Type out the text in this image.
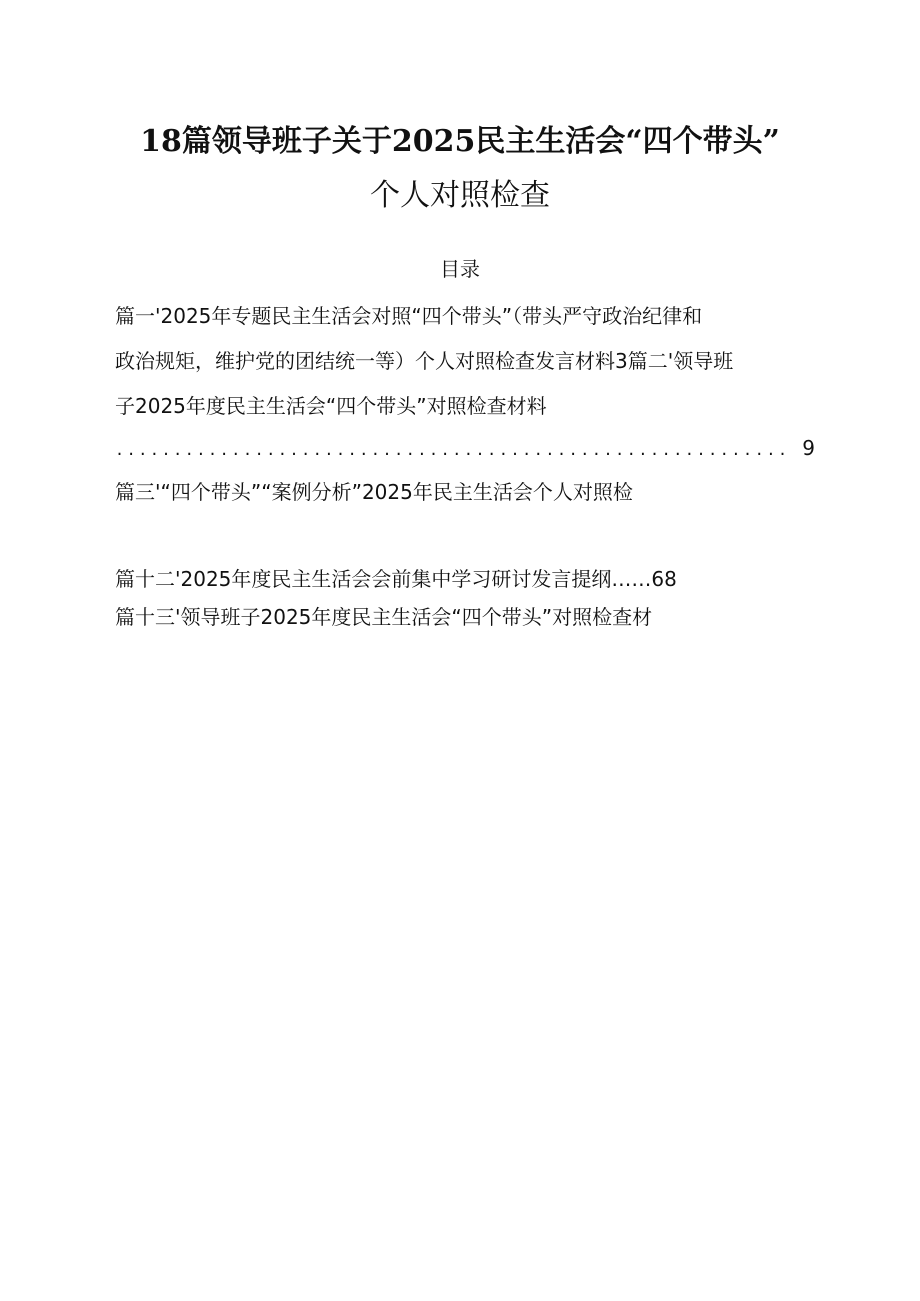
18篇领导班子关于2025民主生活会“四个带头”
个人对照检查
目录
篇一'2025年专题民主生活会对照“四个带头”（带头严守政治纪律和
政治规矩，维护党的团结统一等）个人对照检查发言材料3篇二'领导班
子2025年度民主生活会“四个带头”对照检查材料
.......................................................... 9
篇三'“四个带头”“案例分析”2025年民主生活会个人对照检
篇十二'2025年度民主生活会会前集中学习研讨发言提纲……68
篇十三'领导班子2025年度民主生活会“四个带头”对照检查材
